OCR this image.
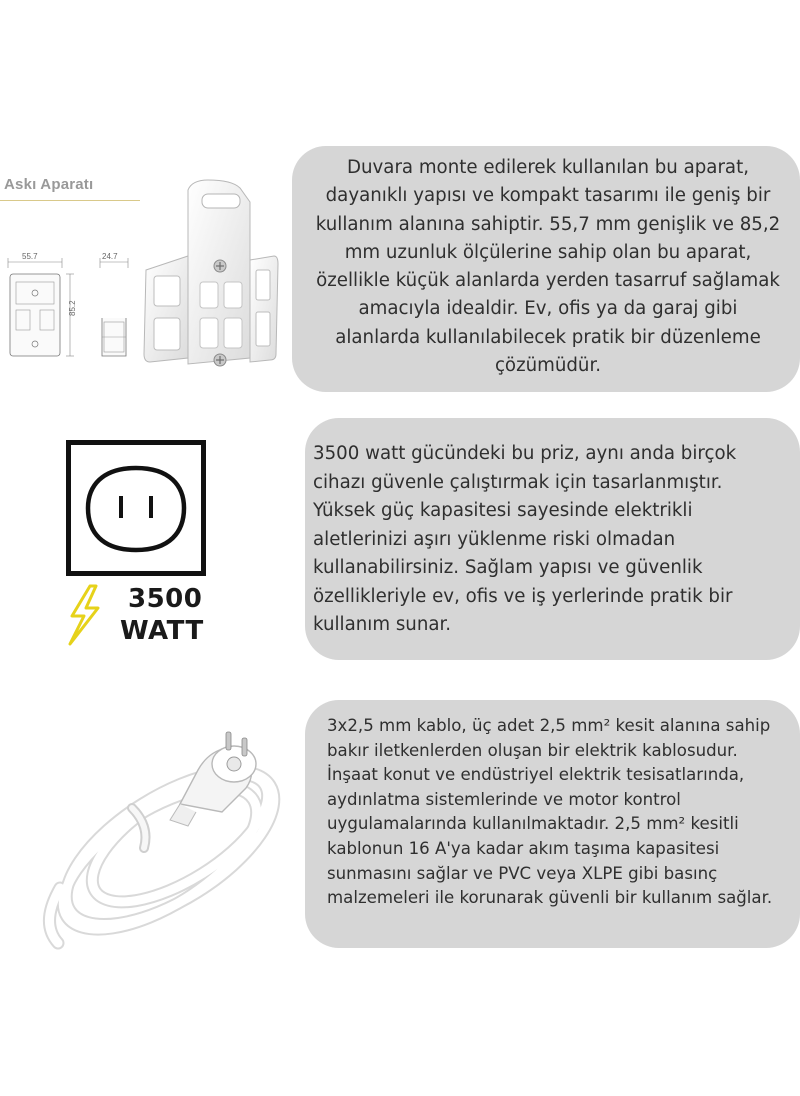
Askı Aparatı
55.7	24.7
85.2

Duvara monte edilerek kullanılan bu aparat, dayanıklı yapısı ve kompakt tasarımı ile geniş bir kullanım alanına sahiptir. 55,7 mm genişlik ve 85,2 mm uzunluk ölçülerine sahip olan bu aparat, özellikle küçük alanlarda yerden tasarruf sağlamak amacıyla idealdir. Ev, ofis ya da garaj gibi alanlarda kullanılabilecek pratik bir düzenleme çözümüdür.

3500
WATT

3500 watt gücündeki bu priz, aynı anda birçok cihazı güvenle çalıştırmak için tasarlanmıştır. Yüksek güç kapasitesi sayesinde elektrikli aletlerinizi aşırı yüklenme riski olmadan kullanabilirsiniz. Sağlam yapısı ve güvenlik özellikleriyle ev, ofis ve iş yerlerinde pratik bir kullanım sunar.

3x2,5 mm kablo, üç adet 2,5 mm² kesit alanına sahip bakır iletkenlerden oluşan bir elektrik kablosudur. İnşaat konut ve endüstriyel elektrik tesisatlarında, aydınlatma sistemlerinde ve motor kontrol uygulamalarında kullanılmaktadır. 2,5 mm² kesitli kablonun 16 A'ya kadar akım taşıma kapasitesi sunmasını sağlar ve PVC veya XLPE gibi basınç malzemeleri ile korunarak güvenli bir kullanım sağlar.
